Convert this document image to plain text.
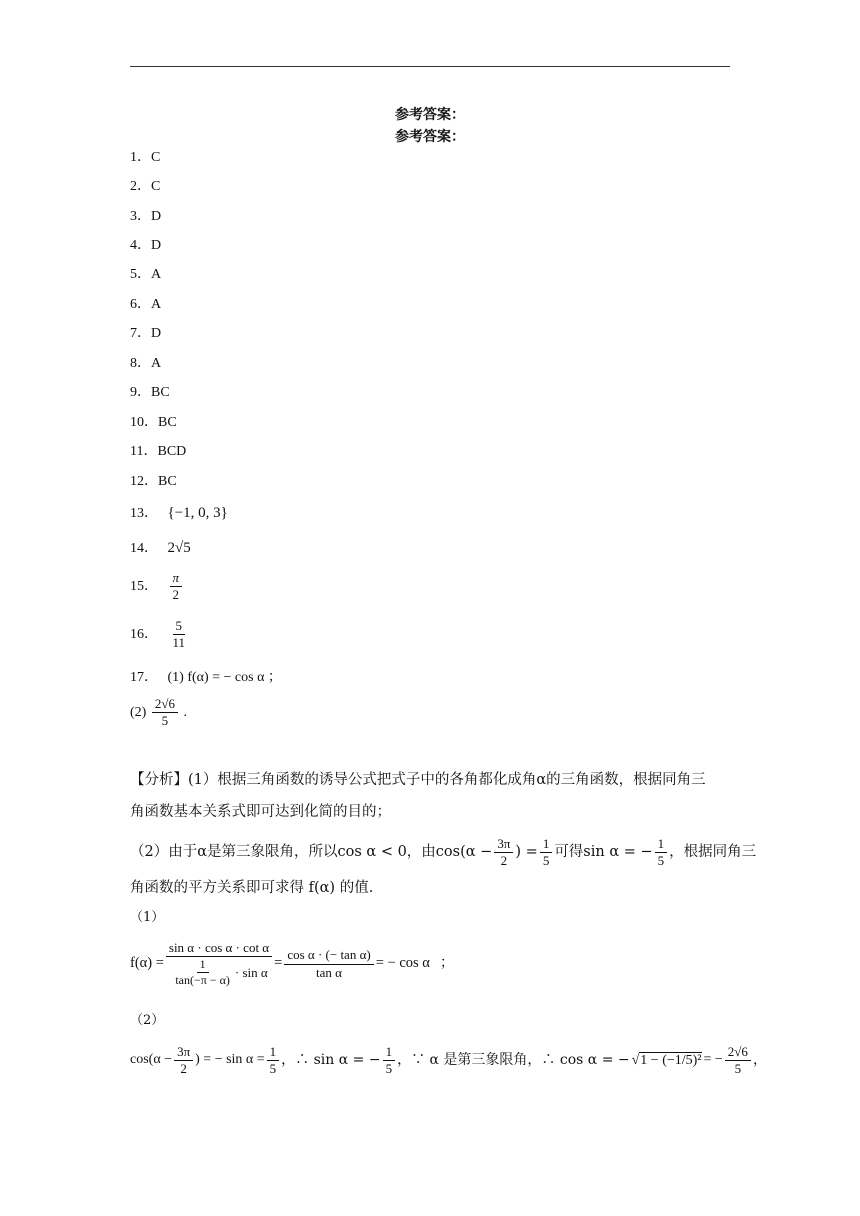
参考答案：
参考答案：
1．C
2．C
3．D
4．D
5．A
6．A
7．D
8．A
9．BC
10．BC
11．BCD
12．BC
13． {−1, 0, 3}
14． 2√5
15． $\frac{\pi}{2}$
16． $\frac{5}{11}$
17． (1) f(α) = − cos α ；
$(2) \frac{2√6}{5}$ .
【分析】(1）根据三角函数的诱导公式把式子中的各角都化成角α的三角函数，根据同角三
角函数基本关系式即可达到化简的目的；
（2）由于α是第三象限角，所以cos α < 0，由$\cos(\alpha - \frac{3\pi}{2}$ ) = $\frac{1}{5}$ 可得sin α = − $\frac{1}{5}$ ，根据同角三
角函数的平方关系即可求得 f(α) 的值.
（1）
$f(\alpha) = \frac{\text{sin α · cos α · cot α}}{\frac{1}{\tan(-\pi - \alpha)} \cdot \sin \alpha} = \frac{\text{cos α · (− tan α)}}{\text{tan α}}$ = − cos α ；
（2）
$\cos(\alpha - \frac{3\pi}{2}$ ) = − $\sin \alpha = \frac{1}{5}$ ，∴ sin α = − $\frac{1}{5}$ ，∵ α 是第三象限角，∴ cos α = − √1 − (−1/5)² = − $\frac{2√6}{5}$ ，
